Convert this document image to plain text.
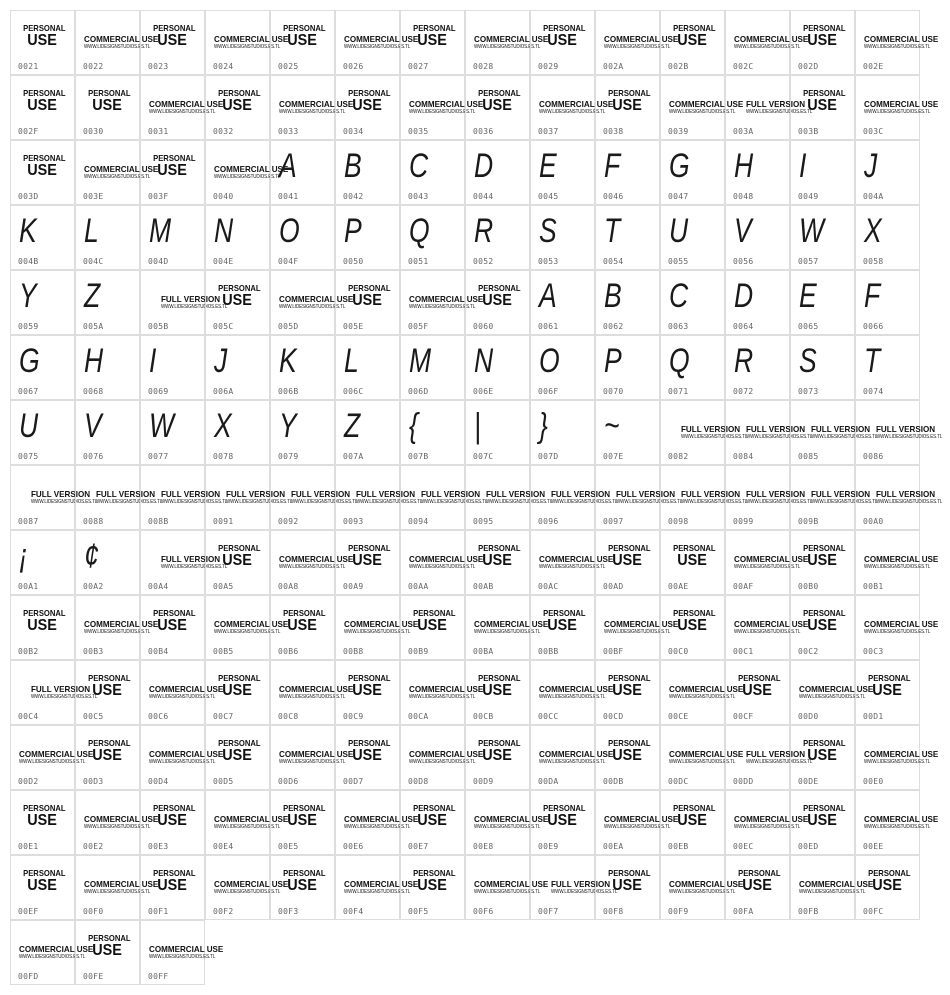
PERSONAL
USE
0021
COMMERCIAL USE
WWW.LIDESIGNSTUDIOS.ES.TL
0022
PERSONAL
USE
0023
COMMERCIAL USE
WWW.LIDESIGNSTUDIOS.ES.TL
0024
PERSONAL
USE
0025
COMMERCIAL USE
WWW.LIDESIGNSTUDIOS.ES.TL
0026
PERSONAL
USE
0027
COMMERCIAL USE
WWW.LIDESIGNSTUDIOS.ES.TL
0028
PERSONAL
USE
0029
COMMERCIAL USE
WWW.LIDESIGNSTUDIOS.ES.TL
002A
PERSONAL
USE
002B
COMMERCIAL USE
WWW.LIDESIGNSTUDIOS.ES.TL
002C
PERSONAL
USE
002D
COMMERCIAL USE
WWW.LIDESIGNSTUDIOS.ES.TL
002E
PERSONAL
USE
002F
PERSONAL
USE
0030
COMMERCIAL USE
WWW.LIDESIGNSTUDIOS.ES.TL
0031
PERSONAL
USE
0032
COMMERCIAL USE
WWW.LIDESIGNSTUDIOS.ES.TL
0033
PERSONAL
USE
0034
COMMERCIAL USE
WWW.LIDESIGNSTUDIOS.ES.TL
0035
PERSONAL
USE
0036
COMMERCIAL USE
WWW.LIDESIGNSTUDIOS.ES.TL
0037
PERSONAL
USE
0038
COMMERCIAL USE
WWW.LIDESIGNSTUDIOS.ES.TL
0039
FULL VERSION
WWW.LIDESIGNSTUDIOS.ES.TL
003A
PERSONAL
USE
003B
COMMERCIAL USE
WWW.LIDESIGNSTUDIOS.ES.TL
003C
PERSONAL
USE
003D
COMMERCIAL USE
WWW.LIDESIGNSTUDIOS.ES.TL
003E
PERSONAL
USE
003F
COMMERCIAL USE
WWW.LIDESIGNSTUDIOS.ES.TL
0040
A
0041
B
0042
C
0043
D
0044
E
0045
F
0046
G
0047
H
0048
I
0049
J
004A
K
004B
L
004C
M
004D
N
004E
O
004F
P
0050
Q
0051
R
0052
S
0053
T
0054
U
0055
V
0056
W
0057
X
0058
Y
0059
Z
005A
FULL VERSION
WWW.LIDESIGNSTUDIOS.ES.TL
005B
PERSONAL
USE
005C
COMMERCIAL USE
WWW.LIDESIGNSTUDIOS.ES.TL
005D
PERSONAL
USE
005E
COMMERCIAL USE
WWW.LIDESIGNSTUDIOS.ES.TL
005F
PERSONAL
USE
0060
A
0061
B
0062
C
0063
D
0064
E
0065
F
0066
G
0067
H
0068
I
0069
J
006A
K
006B
L
006C
M
006D
N
006E
O
006F
P
0070
Q
0071
R
0072
S
0073
T
0074
U
0075
V
0076
W
0077
X
0078
Y
0079
Z
007A
{
007B
|
007C
}
007D
~
007E
FULL VERSION
WWW.LIDESIGNSTUDIOS.ES.TL
0082
FULL VERSION
WWW.LIDESIGNSTUDIOS.ES.TL
0084
FULL VERSION
WWW.LIDESIGNSTUDIOS.ES.TL
0085
FULL VERSION
WWW.LIDESIGNSTUDIOS.ES.TL
0086
FULL VERSION
WWW.LIDESIGNSTUDIOS.ES.TL
0087
FULL VERSION
WWW.LIDESIGNSTUDIOS.ES.TL
0088
FULL VERSION
WWW.LIDESIGNSTUDIOS.ES.TL
008B
FULL VERSION
WWW.LIDESIGNSTUDIOS.ES.TL
0091
FULL VERSION
WWW.LIDESIGNSTUDIOS.ES.TL
0092
FULL VERSION
WWW.LIDESIGNSTUDIOS.ES.TL
0093
FULL VERSION
WWW.LIDESIGNSTUDIOS.ES.TL
0094
FULL VERSION
WWW.LIDESIGNSTUDIOS.ES.TL
0095
FULL VERSION
WWW.LIDESIGNSTUDIOS.ES.TL
0096
FULL VERSION
WWW.LIDESIGNSTUDIOS.ES.TL
0097
FULL VERSION
WWW.LIDESIGNSTUDIOS.ES.TL
0098
FULL VERSION
WWW.LIDESIGNSTUDIOS.ES.TL
0099
FULL VERSION
WWW.LIDESIGNSTUDIOS.ES.TL
009B
FULL VERSION
WWW.LIDESIGNSTUDIOS.ES.TL
00A0
¡
00A1
¢
00A2
FULL VERSION
WWW.LIDESIGNSTUDIOS.ES.TL
00A4
PERSONAL
USE
00A5
COMMERCIAL USE
WWW.LIDESIGNSTUDIOS.ES.TL
00A8
PERSONAL
USE
00A9
COMMERCIAL USE
WWW.LIDESIGNSTUDIOS.ES.TL
00AA
PERSONAL
USE
00AB
COMMERCIAL USE
WWW.LIDESIGNSTUDIOS.ES.TL
00AC
PERSONAL
USE
00AD
PERSONAL
USE
00AE
COMMERCIAL USE
WWW.LIDESIGNSTUDIOS.ES.TL
00AF
PERSONAL
USE
00B0
COMMERCIAL USE
WWW.LIDESIGNSTUDIOS.ES.TL
00B1
PERSONAL
USE
00B2
COMMERCIAL USE
WWW.LIDESIGNSTUDIOS.ES.TL
00B3
PERSONAL
USE
00B4
COMMERCIAL USE
WWW.LIDESIGNSTUDIOS.ES.TL
00B5
PERSONAL
USE
00B6
COMMERCIAL USE
WWW.LIDESIGNSTUDIOS.ES.TL
00B8
PERSONAL
USE
00B9
COMMERCIAL USE
WWW.LIDESIGNSTUDIOS.ES.TL
00BA
PERSONAL
USE
00BB
COMMERCIAL USE
WWW.LIDESIGNSTUDIOS.ES.TL
00BF
PERSONAL
USE
00C0
COMMERCIAL USE
WWW.LIDESIGNSTUDIOS.ES.TL
00C1
PERSONAL
USE
00C2
COMMERCIAL USE
WWW.LIDESIGNSTUDIOS.ES.TL
00C3
FULL VERSION
WWW.LIDESIGNSTUDIOS.ES.TL
00C4
PERSONAL
USE
00C5
COMMERCIAL USE
WWW.LIDESIGNSTUDIOS.ES.TL
00C6
PERSONAL
USE
00C7
COMMERCIAL USE
WWW.LIDESIGNSTUDIOS.ES.TL
00C8
PERSONAL
USE
00C9
COMMERCIAL USE
WWW.LIDESIGNSTUDIOS.ES.TL
00CA
PERSONAL
USE
00CB
COMMERCIAL USE
WWW.LIDESIGNSTUDIOS.ES.TL
00CC
PERSONAL
USE
00CD
COMMERCIAL USE
WWW.LIDESIGNSTUDIOS.ES.TL
00CE
PERSONAL
USE
00CF
COMMERCIAL USE
WWW.LIDESIGNSTUDIOS.ES.TL
00D0
PERSONAL
USE
00D1
COMMERCIAL USE
WWW.LIDESIGNSTUDIOS.ES.TL
00D2
PERSONAL
USE
00D3
COMMERCIAL USE
WWW.LIDESIGNSTUDIOS.ES.TL
00D4
PERSONAL
USE
00D5
COMMERCIAL USE
WWW.LIDESIGNSTUDIOS.ES.TL
00D6
PERSONAL
USE
00D7
COMMERCIAL USE
WWW.LIDESIGNSTUDIOS.ES.TL
00D8
PERSONAL
USE
00D9
COMMERCIAL USE
WWW.LIDESIGNSTUDIOS.ES.TL
00DA
PERSONAL
USE
00DB
COMMERCIAL USE
WWW.LIDESIGNSTUDIOS.ES.TL
00DC
FULL VERSION
WWW.LIDESIGNSTUDIOS.ES.TL
00DD
PERSONAL
USE
00DE
COMMERCIAL USE
WWW.LIDESIGNSTUDIOS.ES.TL
00E0
PERSONAL
USE
00E1
COMMERCIAL USE
WWW.LIDESIGNSTUDIOS.ES.TL
00E2
PERSONAL
USE
00E3
COMMERCIAL USE
WWW.LIDESIGNSTUDIOS.ES.TL
00E4
PERSONAL
USE
00E5
COMMERCIAL USE
WWW.LIDESIGNSTUDIOS.ES.TL
00E6
PERSONAL
USE
00E7
COMMERCIAL USE
WWW.LIDESIGNSTUDIOS.ES.TL
00E8
PERSONAL
USE
00E9
COMMERCIAL USE
WWW.LIDESIGNSTUDIOS.ES.TL
00EA
PERSONAL
USE
00EB
COMMERCIAL USE
WWW.LIDESIGNSTUDIOS.ES.TL
00EC
PERSONAL
USE
00ED
COMMERCIAL USE
WWW.LIDESIGNSTUDIOS.ES.TL
00EE
PERSONAL
USE
00EF
COMMERCIAL USE
WWW.LIDESIGNSTUDIOS.ES.TL
00F0
PERSONAL
USE
00F1
COMMERCIAL USE
WWW.LIDESIGNSTUDIOS.ES.TL
00F2
PERSONAL
USE
00F3
COMMERCIAL USE
WWW.LIDESIGNSTUDIOS.ES.TL
00F4
PERSONAL
USE
00F5
COMMERCIAL USE
WWW.LIDESIGNSTUDIOS.ES.TL
00F6
FULL VERSION
WWW.LIDESIGNSTUDIOS.ES.TL
00F7
PERSONAL
USE
00F8
COMMERCIAL USE
WWW.LIDESIGNSTUDIOS.ES.TL
00F9
PERSONAL
USE
00FA
COMMERCIAL USE
WWW.LIDESIGNSTUDIOS.ES.TL
00FB
PERSONAL
USE
00FC
COMMERCIAL USE
WWW.LIDESIGNSTUDIOS.ES.TL
00FD
PERSONAL
USE
00FE
COMMERCIAL USE
WWW.LIDESIGNSTUDIOS.ES.TL
00FF
